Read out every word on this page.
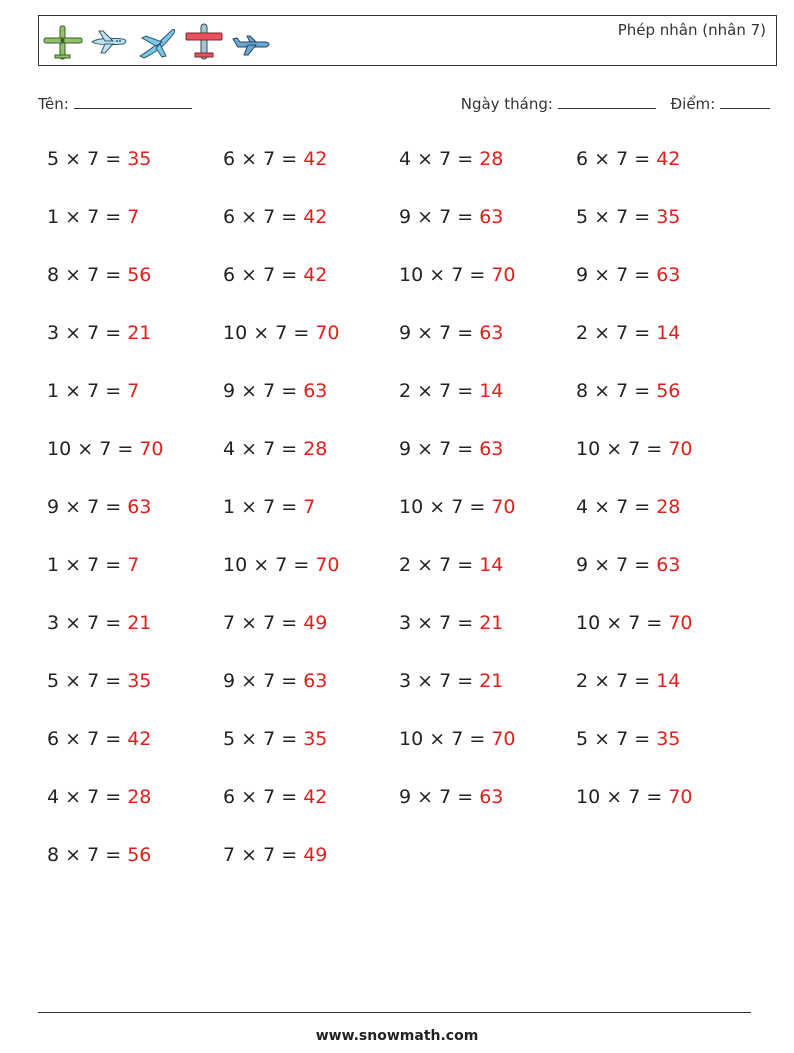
Phép nhân (nhân 7)
Tên:	Ngày tháng:	Điểm:
5 × 7 = 35
1 × 7 = 7
8 × 7 = 56
3 × 7 = 21
1 × 7 = 7
10 × 7 = 70
9 × 7 = 63
1 × 7 = 7
3 × 7 = 21
5 × 7 = 35
6 × 7 = 42
4 × 7 = 28
8 × 7 = 56
6 × 7 = 42
6 × 7 = 42
6 × 7 = 42
10 × 7 = 70
9 × 7 = 63
4 × 7 = 28
1 × 7 = 7
10 × 7 = 70
7 × 7 = 49
9 × 7 = 63
5 × 7 = 35
6 × 7 = 42
7 × 7 = 49
4 × 7 = 28
9 × 7 = 63
10 × 7 = 70
9 × 7 = 63
2 × 7 = 14
9 × 7 = 63
10 × 7 = 70
2 × 7 = 14
3 × 7 = 21
3 × 7 = 21
10 × 7 = 70
9 × 7 = 63
6 × 7 = 42
5 × 7 = 35
9 × 7 = 63
2 × 7 = 14
8 × 7 = 56
10 × 7 = 70
4 × 7 = 28
9 × 7 = 63
10 × 7 = 70
2 × 7 = 14
5 × 7 = 35
10 × 7 = 70
www.snowmath.com
